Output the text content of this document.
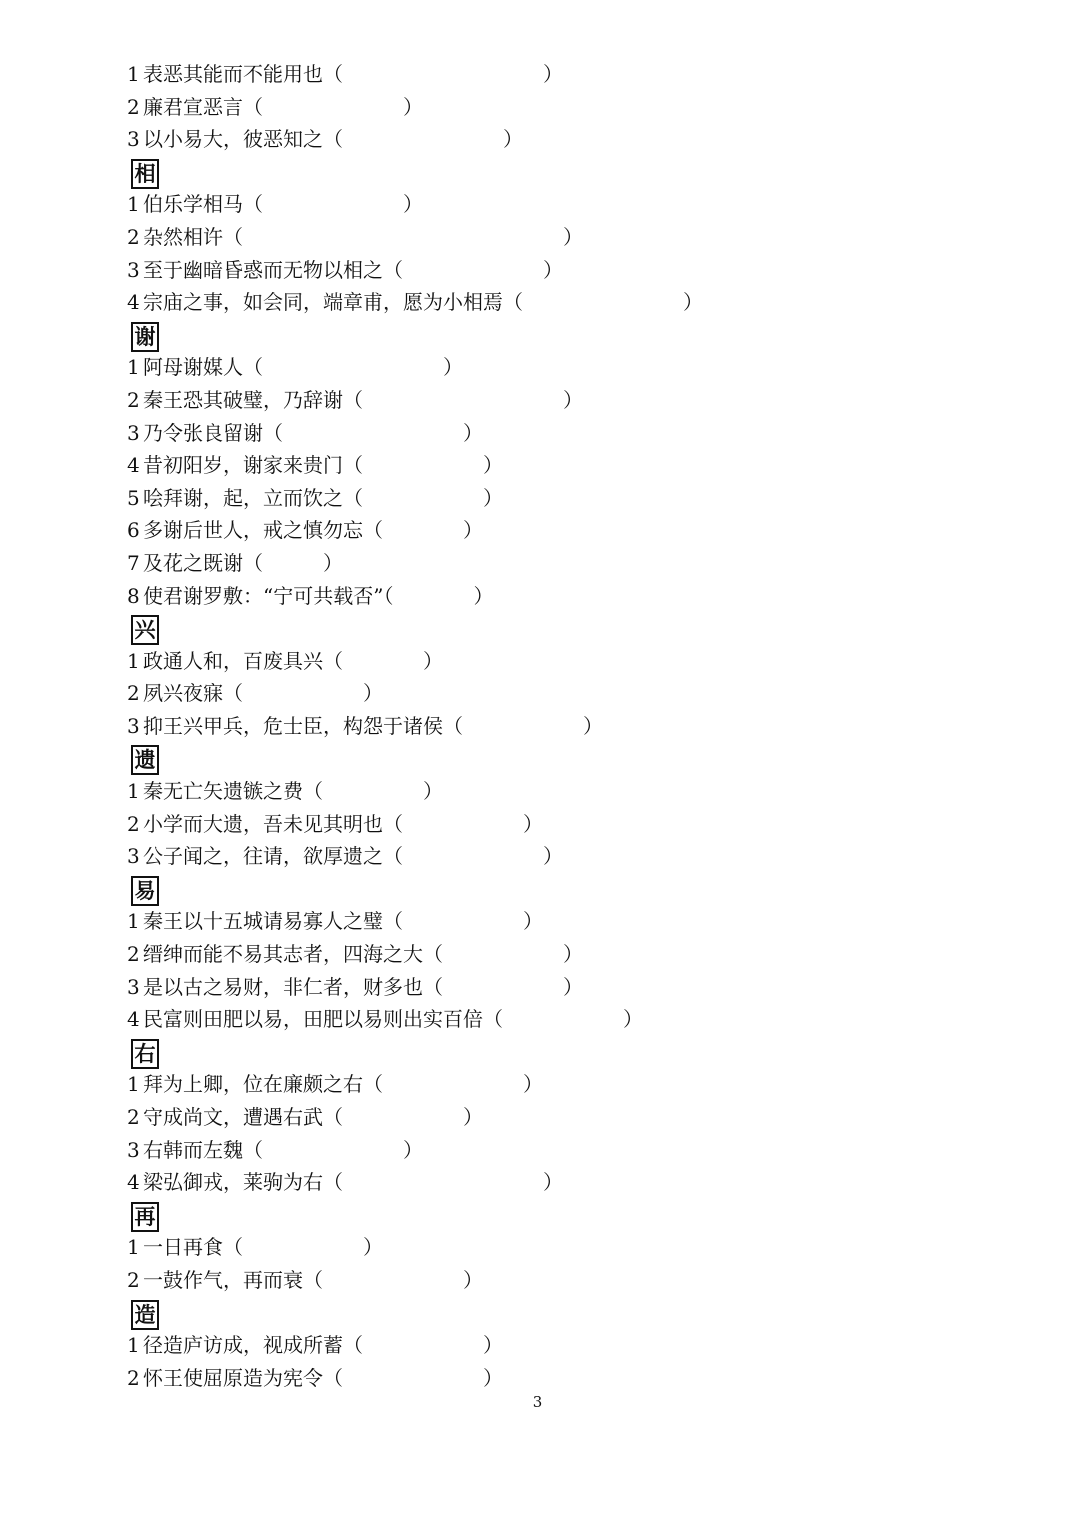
1 表恶其能而不能用也（	）
2 廉君宣恶言（	）
3 以小易大，彼恶知之（	）
相
1 伯乐学相马（	）
2 杂然相许（	）
3 至于幽暗昏惑而无物以相之（	）
4 宗庙之事，如会同，端章甫，愿为小相焉（	）
谢
1 阿母谢媒人（	）
2 秦王恐其破璧，乃辞谢（	）
3 乃令张良留谢（	）
4 昔初阳岁，谢家来贵门（	）
5 哙拜谢，起，立而饮之（	）
6 多谢后世人，戒之慎勿忘（	）
7 及花之既谢（	）
8 使君谢罗敷：“宁可共载否”（	）
兴
1 政通人和，百废具兴（	）
2 夙兴夜寐（	）
3 抑王兴甲兵，危士臣，构怨于诸侯（	）
遗
1 秦无亡矢遗镞之费（	）
2 小学而大遗，吾未见其明也（	）
3 公子闻之，往请，欲厚遗之（	）
易
1 秦王以十五城请易寡人之璧（	）
2 缙绅而能不易其志者，四海之大（	）
3 是以古之易财，非仁者，财多也（	）
4 民富则田肥以易，田肥以易则出实百倍（	）
右
1 拜为上卿，位在廉颇之右（	）
2 守成尚文，遭遇右武（	）
3 右韩而左魏（	）
4 梁弘御戎，莱驹为右（	）
再
1 一日再食（	）
2 一鼓作气，再而衰（	）
造
1 径造庐访成，视成所蓄（	）
2 怀王使屈原造为宪令（	）
3
